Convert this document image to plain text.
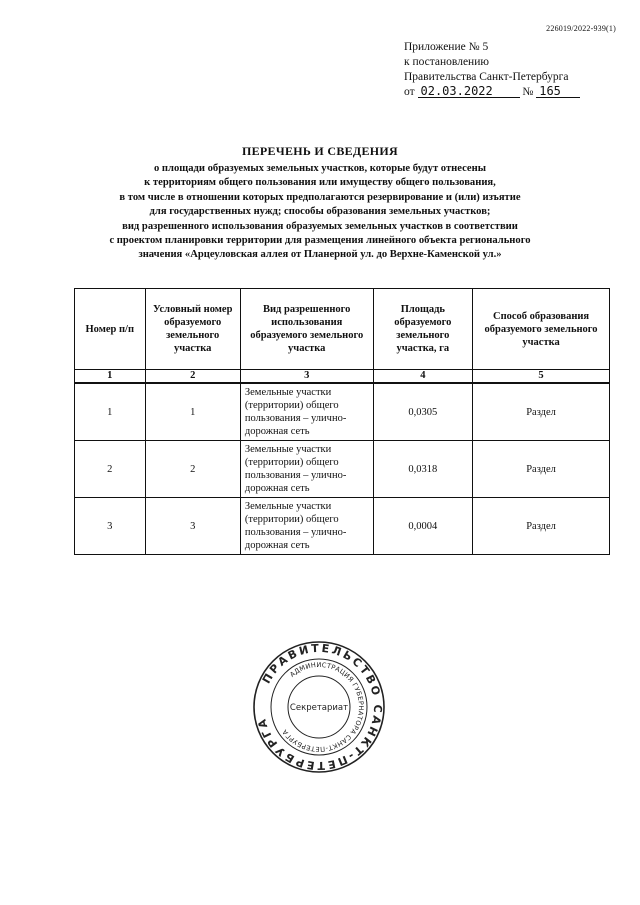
226019/2022-939(1)
Приложение № 5
к постановлению
Правительства Санкт-Петербурга
от 02.03.2022	№ 165
ПЕРЕЧЕНЬ И СВЕДЕНИЯ
о площади образуемых земельных участков, которые будут отнесены
к территориям общего пользования или имуществу общего пользования,
в том числе в отношении которых предполагаются резервирование и (или) изъятие
для государственных нужд; способы образования земельных участков;
вид разрешенного использования образуемых земельных участков в соответствии
с проектом планировки территории для размещения линейного объекта регионального
значения «Арцеуловская аллея от Планерной ул. до Верхне-Каменской ул.»
Номер п/п	Условный номер образуемого земельного участка	Вид разрешенного использования образуемого земельного участка	Площадь образуемого земельного участка, га	Способ образования образуемого земельного участка
1	2	3	4	5
1	1	Земельные участки (территории) общего пользования – улично-дорожная сеть	0,0305	Раздел
2	2	Земельные участки (территории) общего пользования – улично-дорожная сеть	0,0318	Раздел
3	3	Земельные участки (территории) общего пользования – улично-дорожная сеть	0,0004	Раздел
ПРАВИТЕЛЬСТВО САНКТ-ПЕТЕРБУРГА
АДМИНИСТРАЦИЯ ГУБЕРНАТОРА САНКТ-ПЕТЕРБУРГА
Секретариат
